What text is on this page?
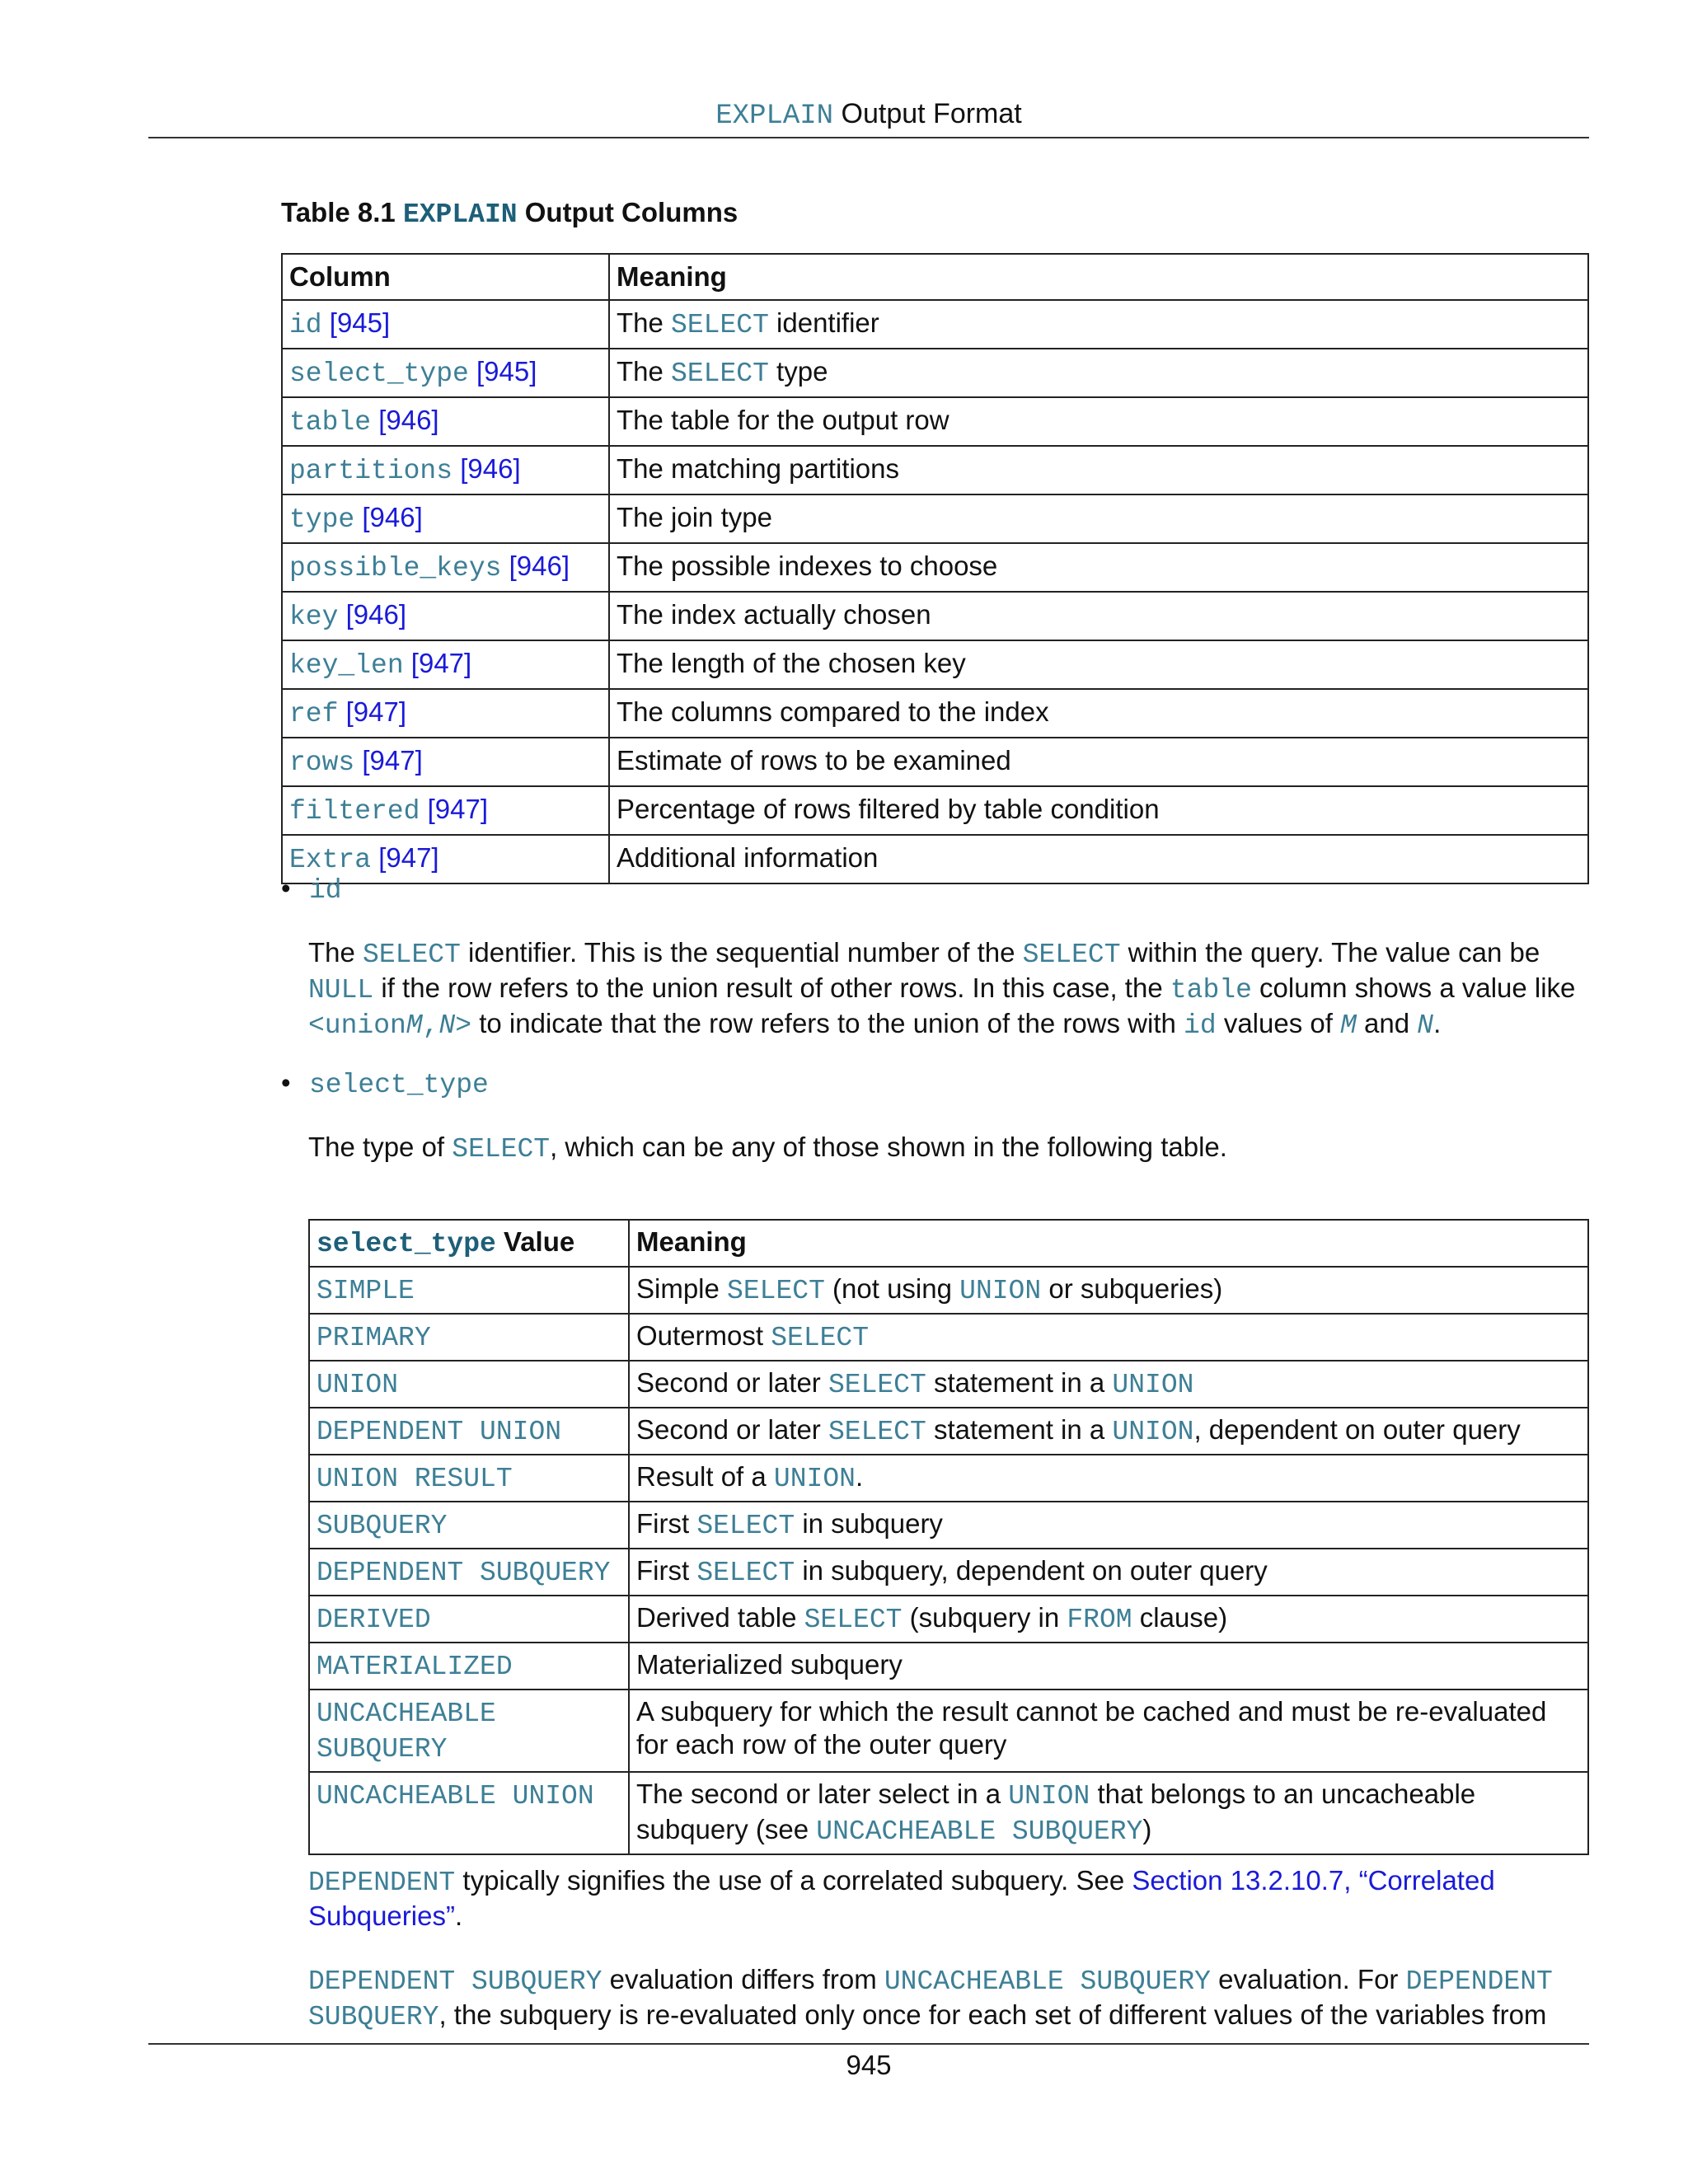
EXPLAIN Output Format
Table 8.1 EXPLAIN Output Columns
Column	Meaning
id [945]	The SELECT identifier
select_type [945]	The SELECT type
table [946]	The table for the output row
partitions [946]	The matching partitions
type [946]	The join type
possible_keys [946]	The possible indexes to choose
key [946]	The index actually chosen
key_len [947]	The length of the chosen key
ref [947]	The columns compared to the index
rows [947]	Estimate of rows to be examined
filtered [947]	Percentage of rows filtered by table condition
Extra [947]	Additional information
• id
The SELECT identifier. This is the sequential number of the SELECT within the query. The value can be NULL if the row refers to the union result of other rows. In this case, the table column shows a value like <unionM,N> to indicate that the row refers to the union of the rows with id values of M and N.
• select_type
The type of SELECT, which can be any of those shown in the following table.
select_type Value	Meaning
SIMPLE	Simple SELECT (not using UNION or subqueries)
PRIMARY	Outermost SELECT
UNION	Second or later SELECT statement in a UNION
DEPENDENT UNION	Second or later SELECT statement in a UNION, dependent on outer query
UNION RESULT	Result of a UNION.
SUBQUERY	First SELECT in subquery
DEPENDENT SUBQUERY	First SELECT in subquery, dependent on outer query
DERIVED	Derived table SELECT (subquery in FROM clause)
MATERIALIZED	Materialized subquery
UNCACHEABLE SUBQUERY	A subquery for which the result cannot be cached and must be re-evaluated for each row of the outer query
UNCACHEABLE UNION	The second or later select in a UNION that belongs to an uncacheable subquery (see UNCACHEABLE SUBQUERY)
DEPENDENT typically signifies the use of a correlated subquery. See Section 13.2.10.7, “Correlated Subqueries”.
DEPENDENT SUBQUERY evaluation differs from UNCACHEABLE SUBQUERY evaluation. For DEPENDENT SUBQUERY, the subquery is re-evaluated only once for each set of different values of the variables from
945
